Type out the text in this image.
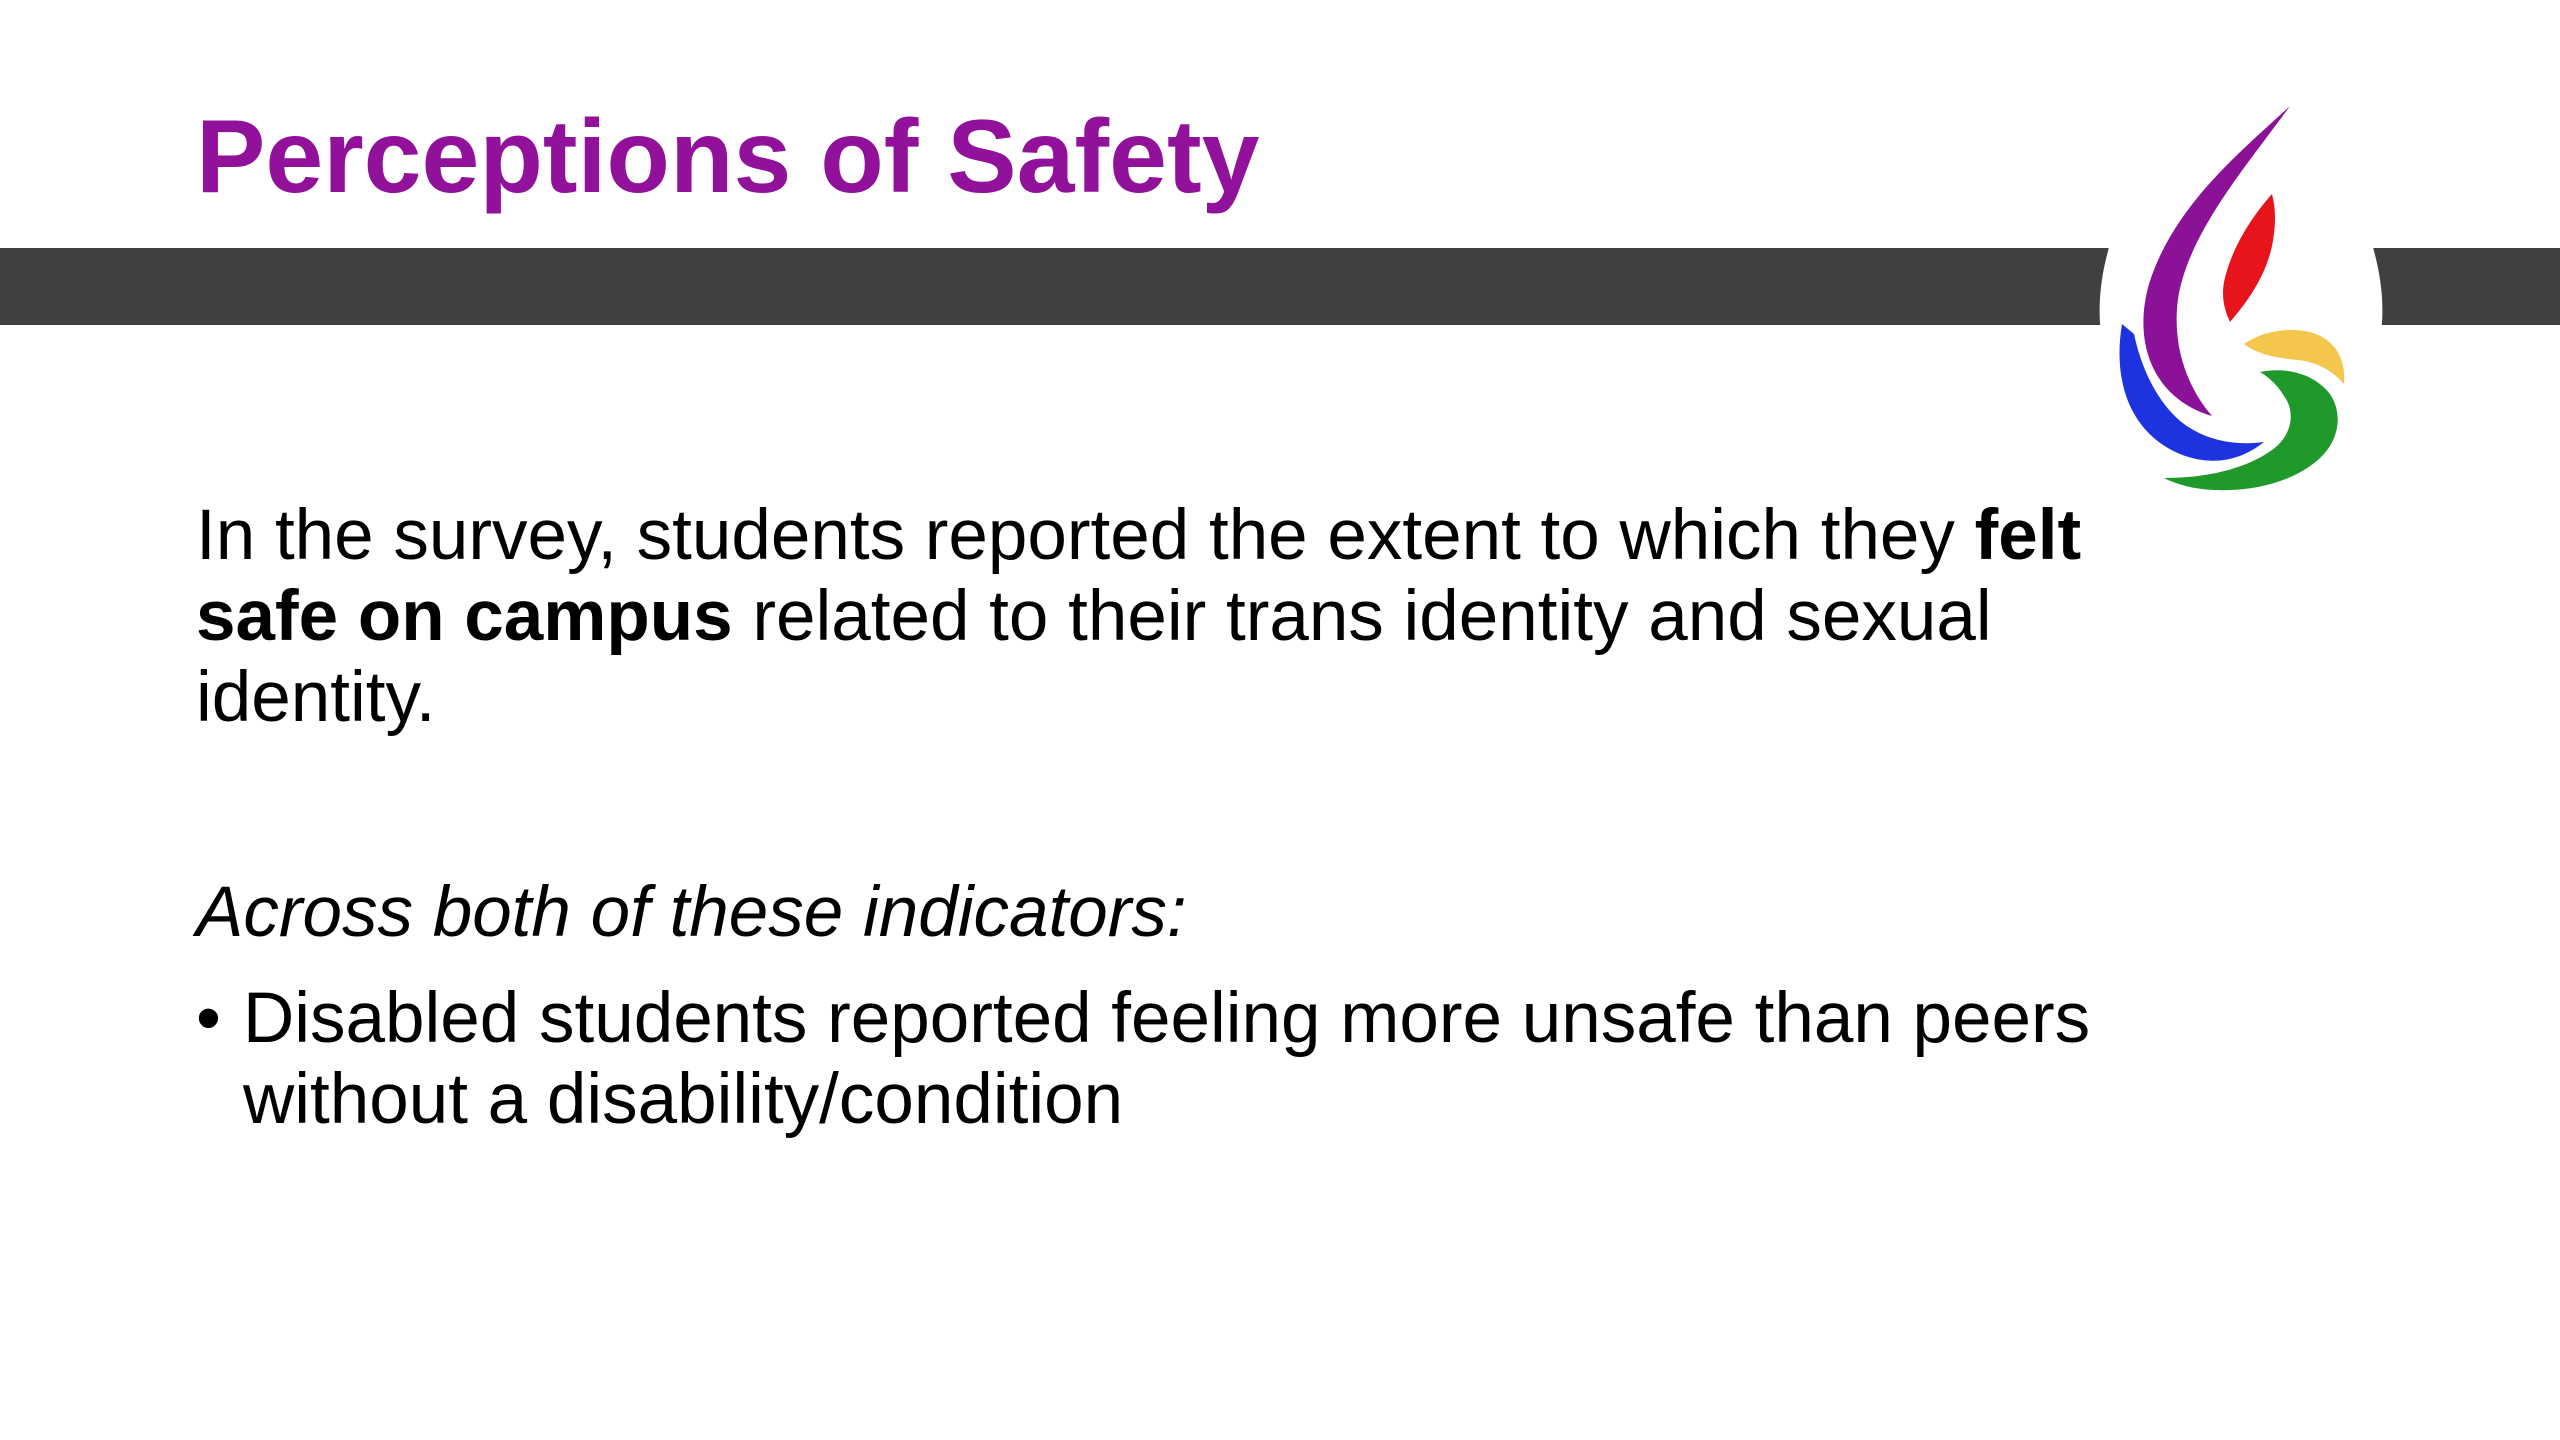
Perceptions of Safety

In the survey, students reported the extent to which they felt safe on campus related to their trans identity and sexual identity.

Across both of these indicators:

• Disabled students reported feeling more unsafe than peers without a disability/condition
